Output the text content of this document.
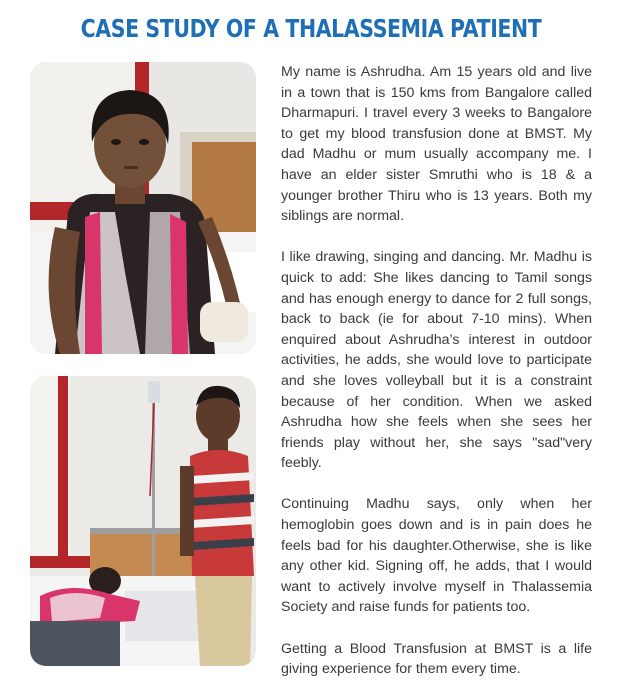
CASE STUDY OF A THALASSEMIA PATIENT

My name is Ashrudha. Am 15 years old and live in a town that is 150 kms from Bangalore called Dharmapuri. I travel every 3 weeks to Bangalore to get my blood transfusion done at BMST. My dad Madhu or mum usually accompany me. I have an elder sister Smruthi who is 18 & a younger brother Thiru who is 13 years. Both my siblings are normal.

I like drawing, singing and dancing. Mr. Madhu is quick to add: She likes dancing to Tamil songs and has enough energy to dance for 2 full songs, back to back (ie for about 7-10 mins). When enquired about Ashrudha’s interest in outdoor activities, he adds, she would love to participate and she loves volleyball but it is a constraint because of her condition. When we asked Ashrudha how she feels when she sees her friends play without her, she says "sad"very feebly.

Continuing Madhu says, only when her hemoglobin goes down and is in pain does he feels bad for his daughter.Otherwise, she is like any other kid. Signing off, he adds, that I would want to actively involve myself in Thalassemia Society and raise funds for patients too.

Getting a Blood Transfusion at BMST is a life giving experience for them every time.
